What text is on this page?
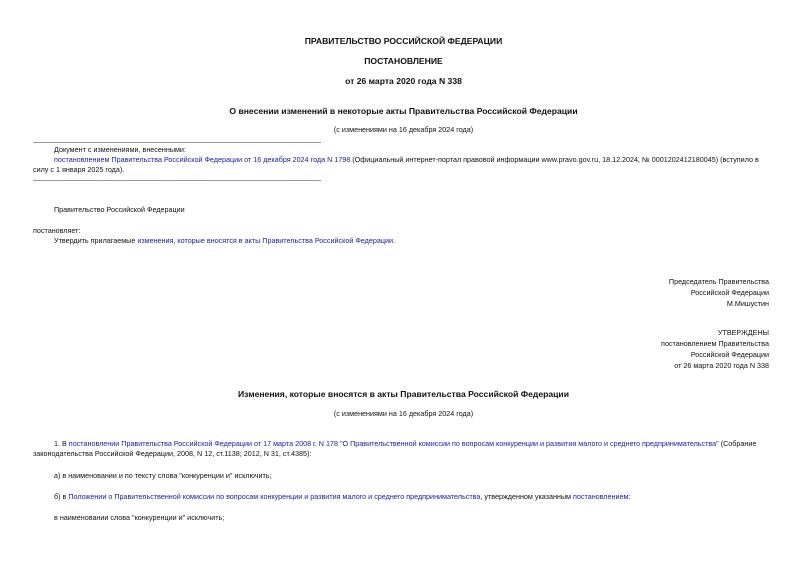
ПРАВИТЕЛЬСТВО РОССИЙСКОЙ ФЕДЕРАЦИИ
ПОСТАНОВЛЕНИЕ
от 26 марта 2020 года N 338
О внесении изменений в некоторые акты Правительства Российской Федерации
(с изменениями на 16 декабря 2024 года)
Документ с изменениями, внесенными:
постановлением Правительства Российской Федерации от 16 декабря 2024 года N 1798 (Официальный интернет-портал правовой информации www.pravo.gov.ru, 18.12.2024, № 0001202412180045) (вступило в
силу с 1 января 2025 года).
Правительство Российской Федерации
постановляет:
Утвердить прилагаемые изменения, которые вносятся в акты Правительства Российской Федерации.
Председатель Правительства
Российской Федерации
М.Мишустин
УТВЕРЖДЕНЫ
постановлением Правительства
Российской Федерации
от 26 марта 2020 года N 338
Изменения, которые вносятся в акты Правительства Российской Федерации
(с изменениями на 16 декабря 2024 года)
1. В постановлении Правительства Российской Федерации от 17 марта 2008 г. N 178 "О Правительственной комиссии по вопросам конкуренции и развития малого и среднего предпринимательства" (Собрание
законодательства Российской Федерации, 2008, N 12, ст.1138; 2012, N 31, ст.4385):
а) в наименовании и по тексту слова "конкуренции и" исключить;
б) в Положении о Правительственной комиссии по вопросам конкуренции и развития малого и среднего предпринимательства, утвержденном указанным постановлением:
в наименовании слова "конкуренции и" исключить;
